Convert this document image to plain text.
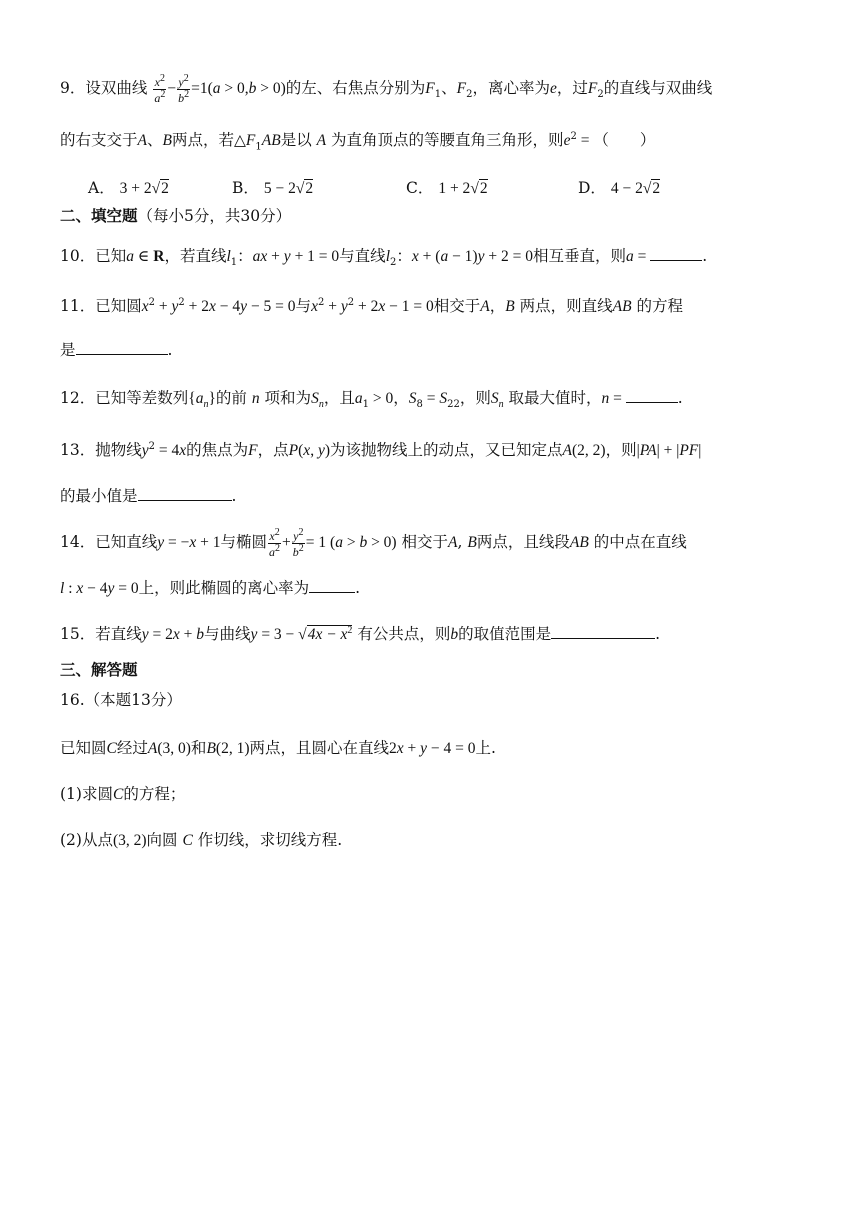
9．设双曲线 $\frac{x^2}{a^2} - \frac{y^2}{b^2} =1(a > 0,b > 0)$的左、右焦点分别为$F_1$、$F_2$，离心率为e，过$F_2$的直线与双曲线
的右支交于A、B两点，若$\triangle F_1AB$是以 A 为直角顶点的等腰直角三角形，则$e^2$ = （　　）
A． 3 + 2√2	B． 5 − 2√2	C． 1 + 2√2	D． 4 − 2√2
二、填空题（每小5分，共30分）
10．已知a ∈ R，若直线$l_1$：ax + y + 1 = 0与直线$l_2$：x + (a − 1)y + 2 = 0相互垂直，则a =	.
11．已知圆$x^2 + y^2 + 2x - 4y - 5 = 0$与$x^2 + y^2 + 2x - 1 = 0$相交于A，B 两点，则直线AB 的方程
是	.
12．已知等差数列$\{a_n\}$的前 n 项和为$S_n$，且$a_1 > 0$，$S_8 = S_{22}$，则$S_n$ 取最大值时，n =	.
13．抛物线$y^2 = 4x$的焦点为F，点P(x, y)为该抛物线上的动点，又已知定点A(2, 2)，则|PA| + |PF|
的最小值是	.
14．已知直线y = −x + 1与椭圆 $\frac{x^2}{a^2} + \frac{y^2}{b^2} = 1$ (a > b > 0) 相交于A, B两点，且线段AB 的中点在直线
l : x − 4y = 0上，则此椭圆的离心率为	.
15．若直线y = 2x + b与曲线$y = 3 - √4x - x^2$ 有公共点，则b的取值范围是	.
三、解答题
16.（本题13分）
已知圆C经过A(3, 0)和B(2, 1)两点，且圆心在直线2x + y − 4 = 0上.
(1)求圆C的方程；
(2)从点(3, 2)向圆 C 作切线，求切线方程.
